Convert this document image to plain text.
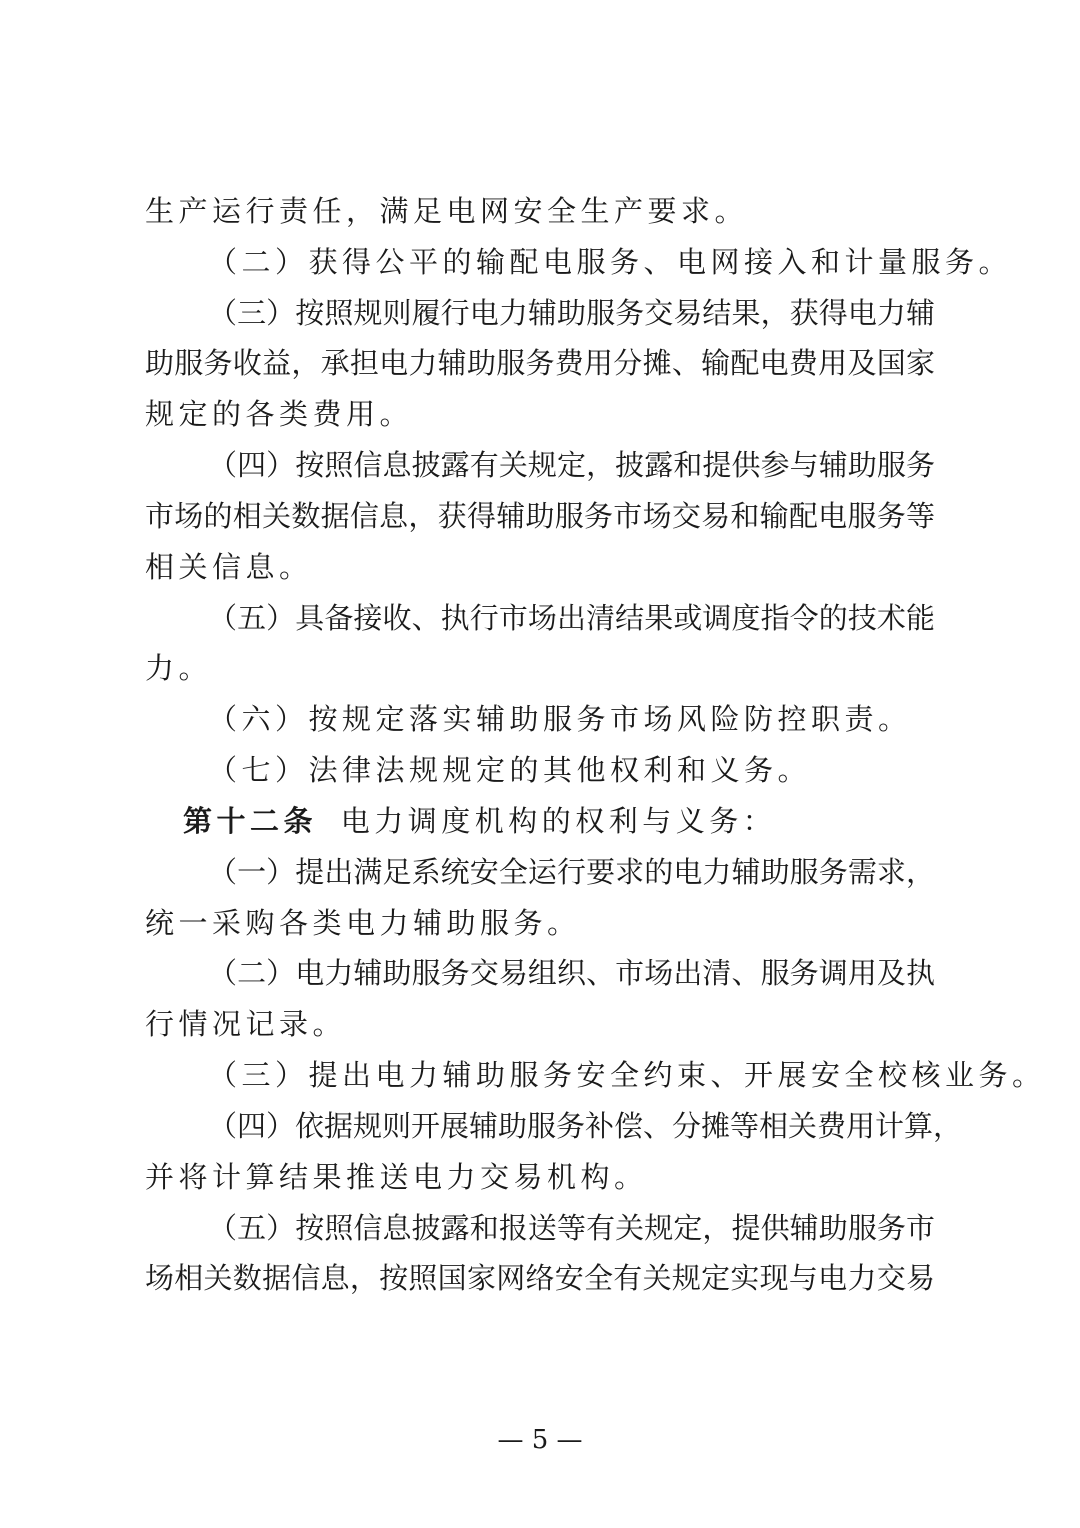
生产运行责任，满足电网安全生产要求。
（二）获得公平的输配电服务、电网接入和计量服务。
（三）按照规则履行电力辅助服务交易结果，获得电力辅
助服务收益，承担电力辅助服务费用分摊、输配电费用及国家
规定的各类费用。
（四）按照信息披露有关规定，披露和提供参与辅助服务
市场的相关数据信息，获得辅助服务市场交易和输配电服务等
相关信息。
（五）具备接收、执行市场出清结果或调度指令的技术能
力。
（六）按规定落实辅助服务市场风险防控职责。
（七）法律法规规定的其他权利和义务。
第十二条 电力调度机构的权利与义务：
（一）提出满足系统安全运行要求的电力辅助服务需求，
统一采购各类电力辅助服务。
（二）电力辅助服务交易组织、市场出清、服务调用及执
行情况记录。
（三）提出电力辅助服务安全约束、开展安全校核业务。
（四）依据规则开展辅助服务补偿、分摊等相关费用计算，
并将计算结果推送电力交易机构。
（五）按照信息披露和报送等有关规定，提供辅助服务市
场相关数据信息，按照国家网络安全有关规定实现与电力交易
— 5 —
